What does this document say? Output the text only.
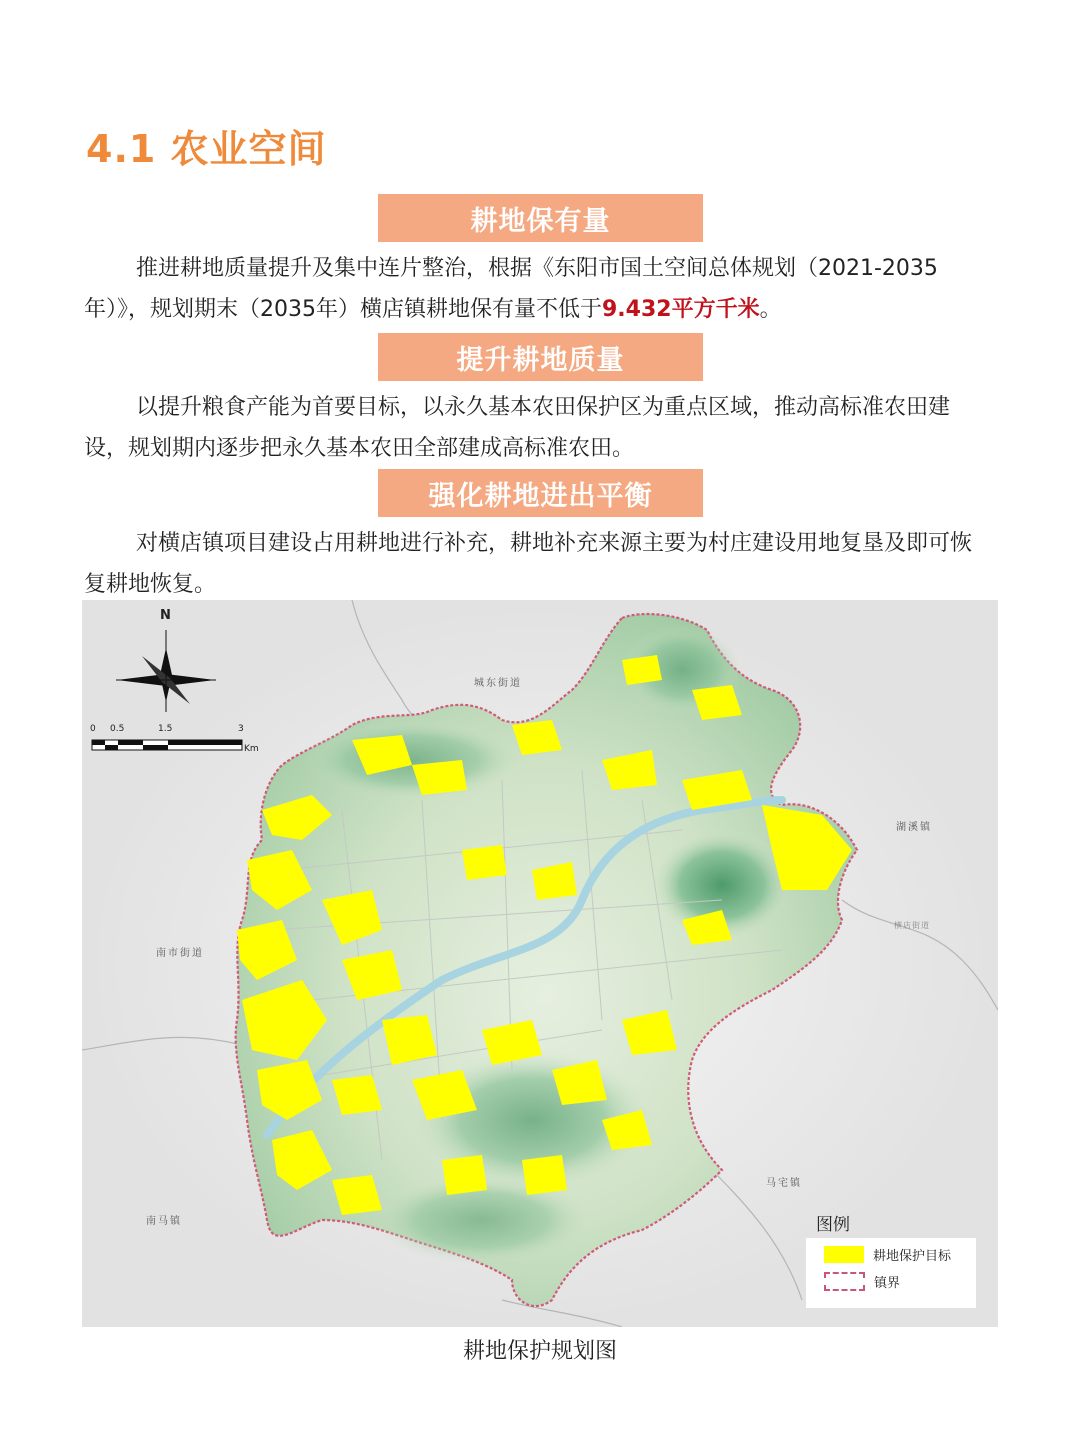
4.1 农业空间
耕地保有量
推进耕地质量提升及集中连片整治，根据《东阳市国土空间总体规划（2021-2035年）》，规划期末（2035年）横店镇耕地保有量不低于9.432平方千米。
提升耕地质量
以提升粮食产能为首要目标，以永久基本农田保护区为重点区域，推动高标准农田建设，规划期内逐步把永久基本农田全部建成高标准农田。
强化耕地进出平衡
对横店镇项目建设占用耕地进行补充，耕地补充来源主要为村庄建设用地复垦及即可恢复耕地恢复。
N
0 0.5	1.5	3
Km
城东街道
湖溪镇
横店街道
南市街道
马宅镇
南马镇	图例
耕地保护目标
镇界
耕地保护规划图
